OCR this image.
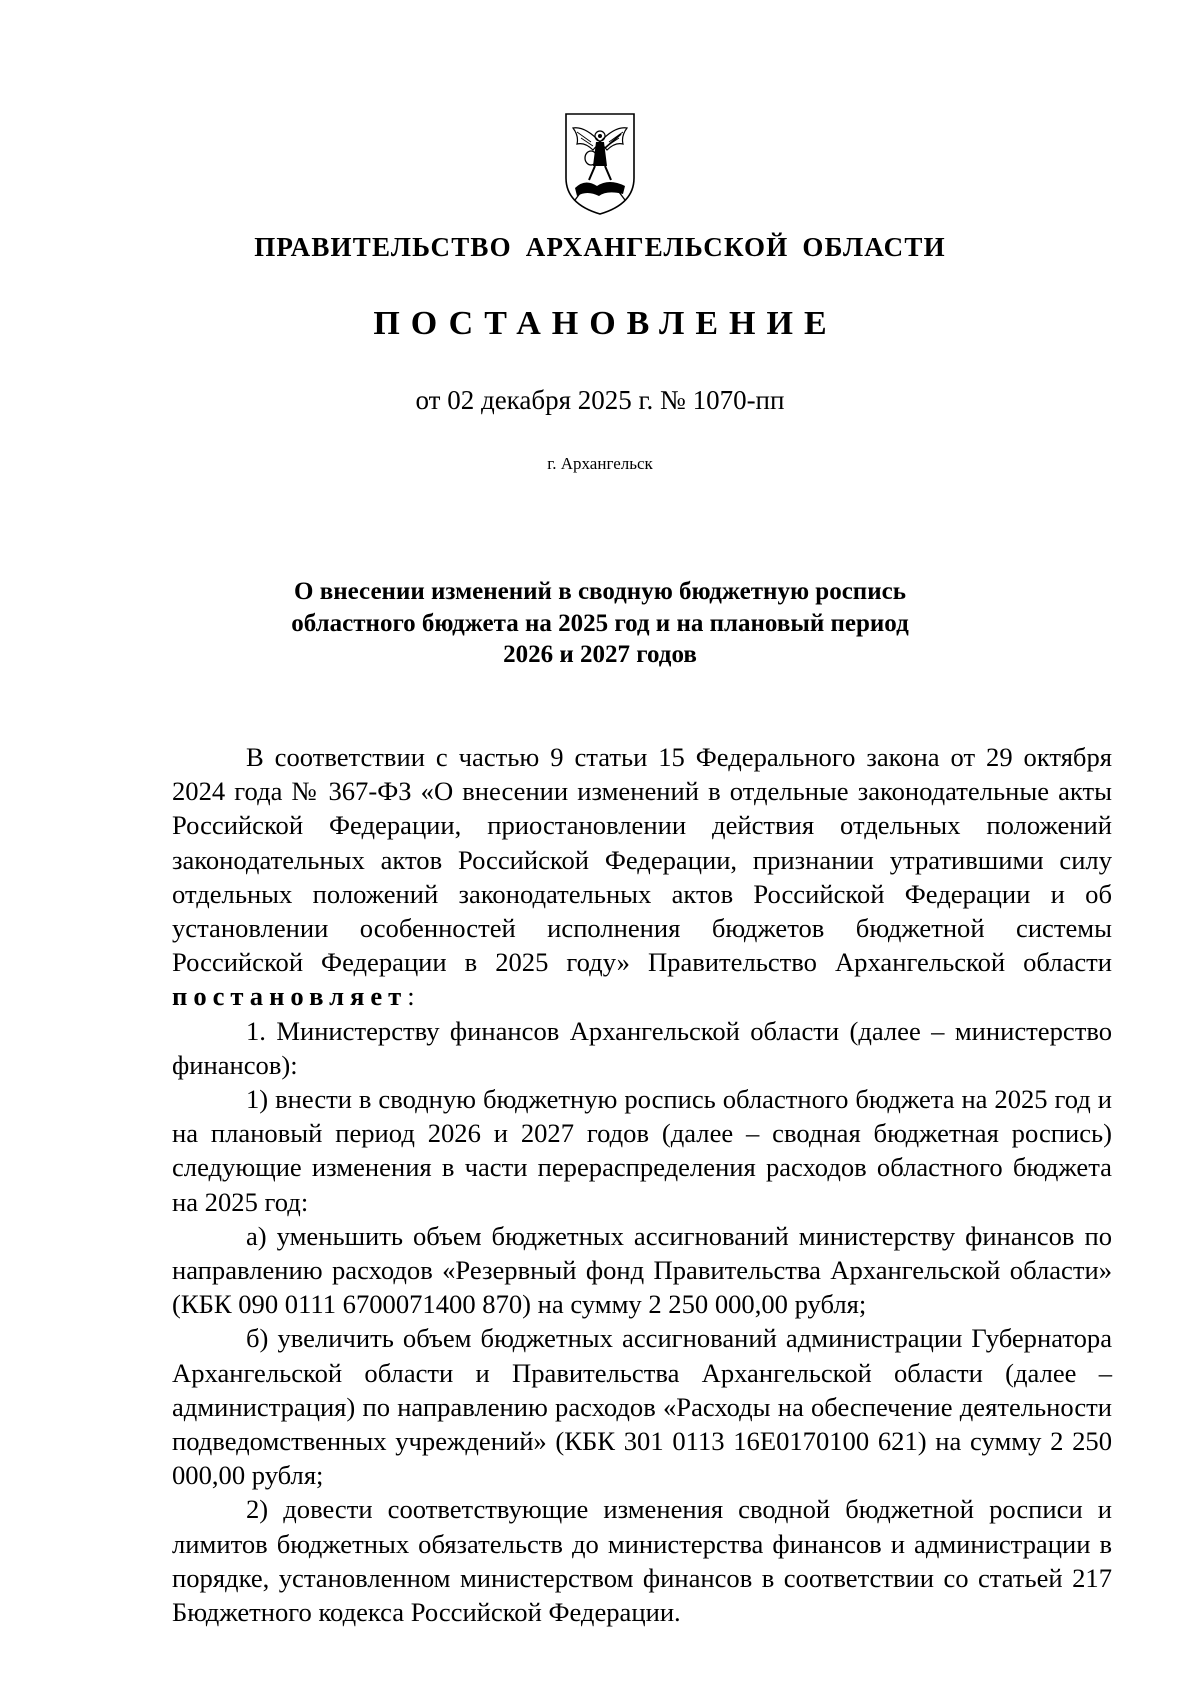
ПРАВИТЕЛЬСТВО АРХАНГЕЛЬСКОЙ ОБЛАСТИ
ПОСТАНОВЛЕНИЕ
от 02 декабря 2025 г. № 1070-пп
г. Архангельск
О внесении изменений в сводную бюджетную роспись
областного бюджета на 2025 год и на плановый период
2026 и 2027 годов

В соответствии с частью 9 статьи 15 Федерального закона от 29 октября 2024 года № 367-ФЗ «О внесении изменений в отдельные законодательные акты Российской Федерации, приостановлении действия отдельных положений законодательных актов Российской Федерации, признании утратившими силу отдельных положений законодательных актов Российской Федерации и об установлении особенностей исполнения бюджетов бюджетной системы Российской Федерации в 2025 году» Правительство Архангельской области постановляет:

1. Министерству финансов Архангельской области (далее – министерство финансов):

1) внести в сводную бюджетную роспись областного бюджета на 2025 год и на плановый период 2026 и 2027 годов (далее – сводная бюджетная роспись) следующие изменения в части перераспределения расходов областного бюджета на 2025 год:

а) уменьшить объем бюджетных ассигнований министерству финансов по направлению расходов «Резервный фонд Правительства Архангельской области» (КБК 090 0111 6700071400 870) на сумму 2 250 000,00 рубля;

б) увеличить объем бюджетных ассигнований администрации Губернатора Архангельской области и Правительства Архангельской области (далее – администрация) по направлению расходов «Расходы на обеспечение деятельности подведомственных учреждений» (КБК 301 0113 16Е0170100 621) на сумму 2 250 000,00 рубля;

2) довести соответствующие изменения сводной бюджетной росписи и лимитов бюджетных обязательств до министерства финансов и администрации в порядке, установленном министерством финансов в соответствии со статьей 217 Бюджетного кодекса Российской Федерации.
